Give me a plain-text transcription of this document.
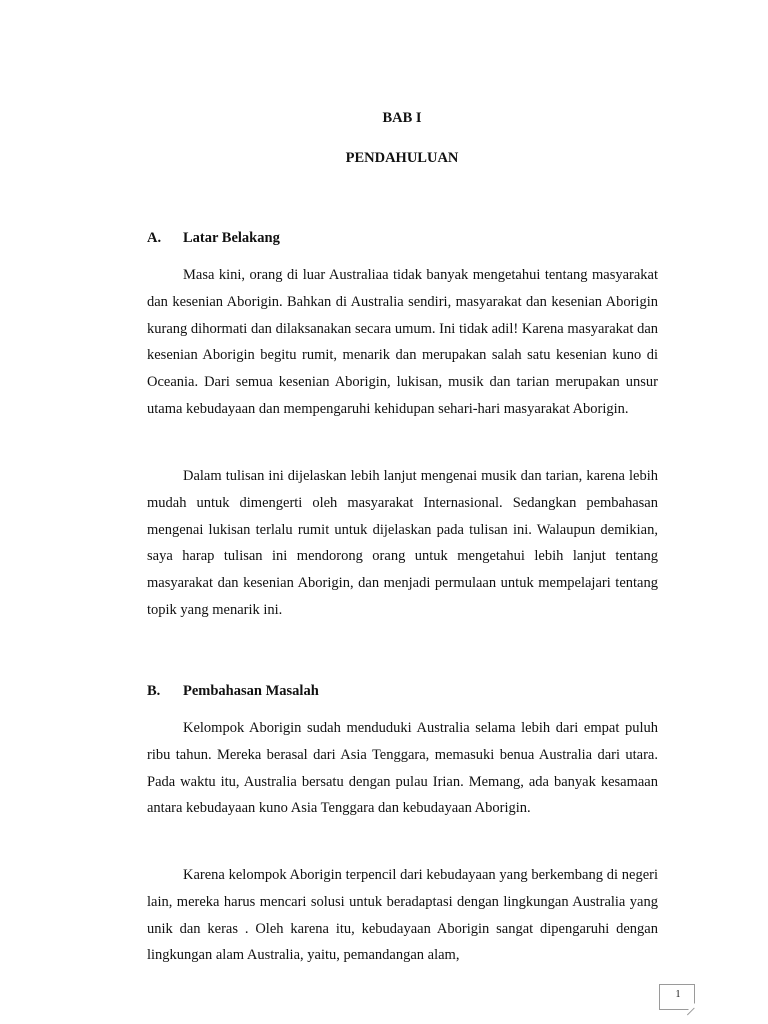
BAB I

PENDAHULUAN

A. Latar Belakang

Masa kini, orang di luar Australiaa tidak banyak mengetahui tentang masyarakat dan kesenian Aborigin. Bahkan di Australia sendiri, masyarakat dan kesenian Aborigin kurang dihormati dan dilaksanakan secara umum. Ini tidak adil! Karena masyarakat dan kesenian Aborigin begitu rumit, menarik dan merupakan salah satu kesenian kuno di Oceania. Dari semua kesenian Aborigin, lukisan, musik dan tarian merupakan unsur utama kebudayaan dan mempengaruhi kehidupan sehari-hari masyarakat Aborigin.

Dalam tulisan ini dijelaskan lebih lanjut mengenai musik dan tarian, karena lebih mudah untuk dimengerti oleh masyarakat Internasional. Sedangkan pembahasan mengenai lukisan terlalu rumit untuk dijelaskan pada tulisan ini. Walaupun demikian, saya harap tulisan ini mendorong orang untuk mengetahui lebih lanjut tentang masyarakat dan kesenian Aborigin, dan menjadi permulaan untuk mempelajari tentang topik yang menarik ini.

B. Pembahasan Masalah

Kelompok Aborigin sudah menduduki Australia selama lebih dari empat puluh ribu tahun. Mereka berasal dari Asia Tenggara, memasuki benua Australia dari utara. Pada waktu itu, Australia bersatu dengan pulau Irian. Memang, ada banyak kesamaan antara kebudayaan kuno Asia Tenggara dan kebudayaan Aborigin.

Karena kelompok Aborigin terpencil dari kebudayaan yang berkembang di negeri lain, mereka harus mencari solusi untuk beradaptasi dengan lingkungan Australia yang unik dan keras . Oleh karena itu, kebudayaan Aborigin sangat dipengaruhi dengan lingkungan alam Australia, yaitu, pemandangan alam,

1
